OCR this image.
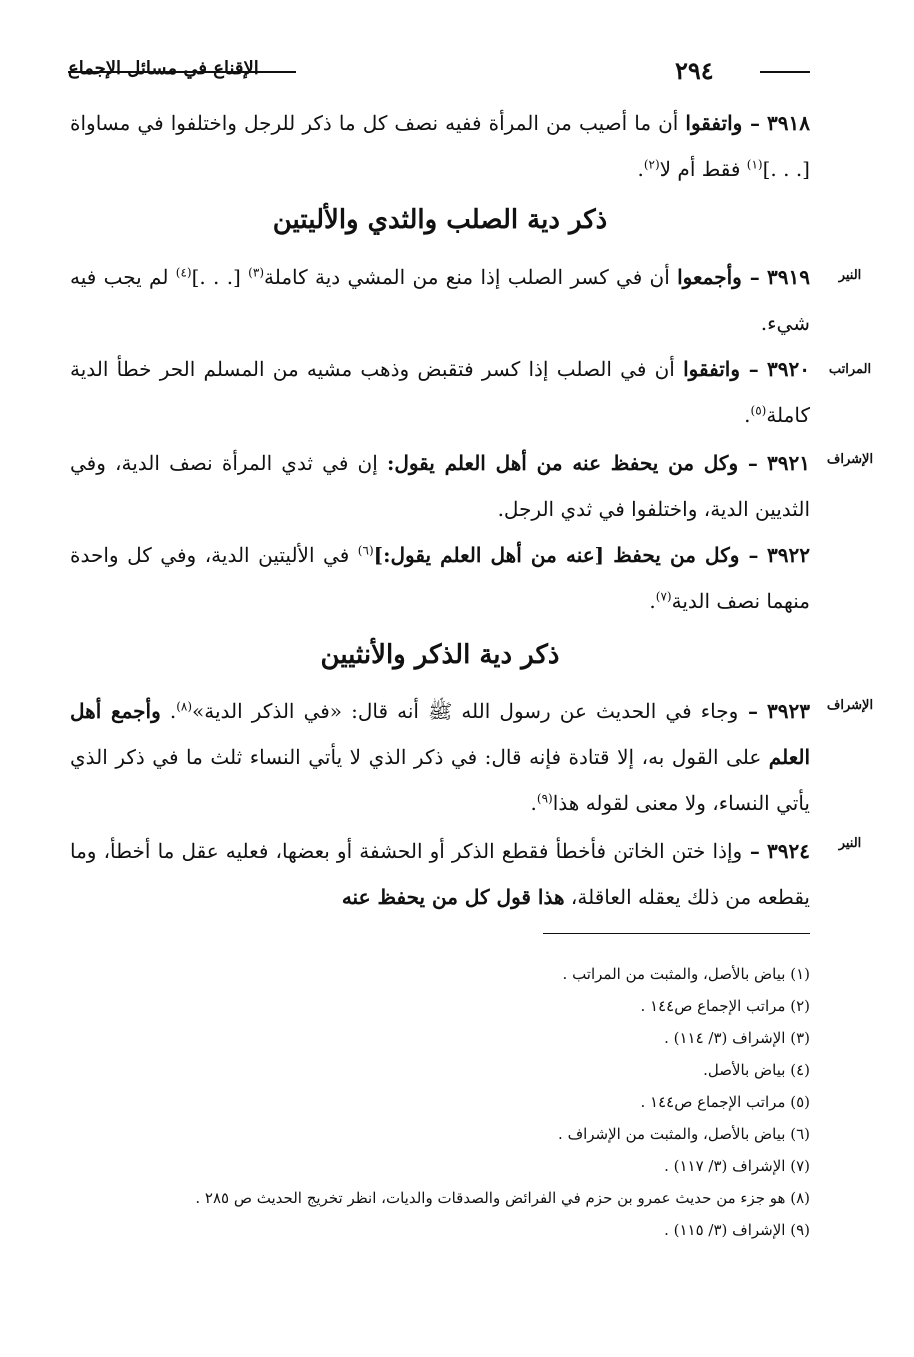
٢٩٤
الإقناع في مسائل الإجماع

٣٩١٨ – واتفقوا أن ما أصيب من المرأة ففيه نصف كل ما ذكر للرجل واختلفوا في مساواة [. . .]$^{(١)}$ فقط أم لا$^{(٢)}$.

ذكر دية الصلب والثدي والأليتين
النير

٣٩١٩ – وأجمعوا أن في كسر الصلب إذا منع من المشي دية كاملة$^{(٣)}$ [. . .]$^{(٤)}$ لم يجب فيه شيء.

المراتب

٣٩٢٠ – واتفقوا أن في الصلب إذا كسر فتقبض وذهب مشيه من المسلم الحر خطأ الدية كاملة$^{(٥)}$.

الإشراف

٣٩٢١ – وكل من يحفظ عنه من أهل العلم يقول: إن في ثدي المرأة نصف الدية، وفي الثديين الدية، واختلفوا في ثدي الرجل.

٣٩٢٢ – وكل من يحفظ [عنه من أهل العلم يقول:]$^{(٦)}$ في الأليتين الدية، وفي كل واحدة منهما نصف الدية$^{(٧)}$.

ذكر دية الذكر والأنثيين
الإشراف

٣٩٢٣ – وجاء في الحديث عن رسول الله ﷺ أنه قال: «في الذكر الدية»$^{(٨)}$. وأجمع أهل العلم على القول به، إلا قتادة فإنه قال: في ذكر الذي لا يأتي النساء ثلث ما في ذكر الذي يأتي النساء، ولا معنى لقوله هذا$^{(٩)}$.

النير

٣٩٢٤ – وإذا ختن الخاتن فأخطأ فقطع الذكر أو الحشفة أو بعضها، فعليه عقل ما أخطأ، وما يقطعه من ذلك يعقله العاقلة، هذا قول كل من يحفظ عنه

(١) بياض بالأصل، والمثبت من المراتب .
(٢) مراتب الإجماع ص١٤٤ .
(٣) الإشراف (٣/ ١١٤) .
(٤) بياض بالأصل.
(٥) مراتب الإجماع ص١٤٤ .
(٦) بياض بالأصل، والمثبت من الإشراف .
(٧) الإشراف (٣/ ١١٧) .
(٨) هو جزء من حديث عمرو بن حزم في الفرائض والصدقات والديات، انظر تخريج الحديث ص ٢٨٥ .
(٩) الإشراف (٣/ ١١٥) .
